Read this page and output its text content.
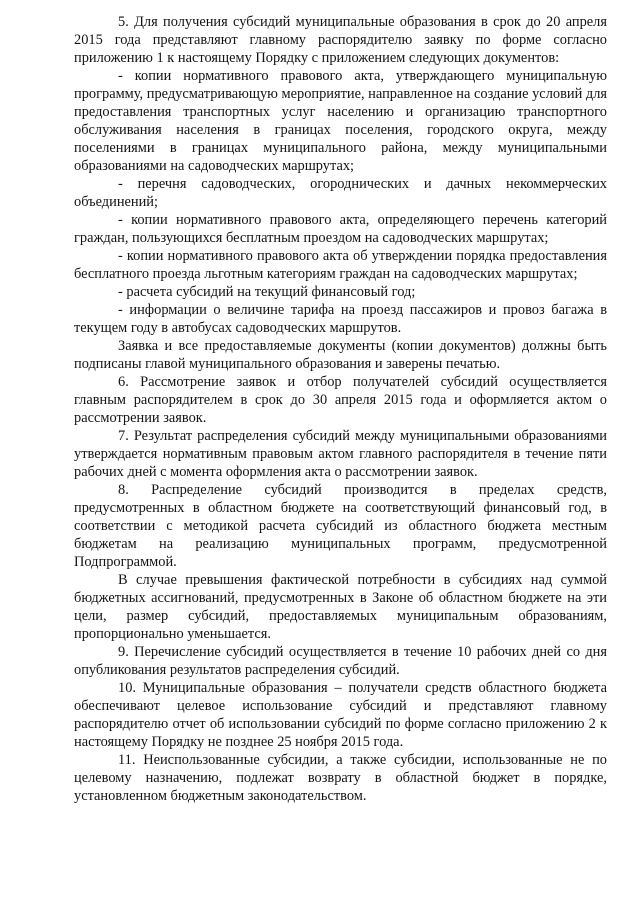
5. Для получения субсидий муниципальные образования в срок до 20 апреля 2015 года представляют главному распорядителю заявку по форме согласно приложению 1 к настоящему Порядку с приложением следующих документов:

- копии нормативного правового акта, утверждающего муниципальную программу, предусматривающую мероприятие, направленное на создание условий для предоставления транспортных услуг населению и организацию транспортного обслуживания населения в границах поселения, городского округа, между поселениями в границах муниципального района, между муниципальными образованиями на садоводческих маршрутах;

- перечня садоводческих, огороднических и дачных некоммерческих объединений;

- копии нормативного правового акта, определяющего перечень категорий граждан, пользующихся бесплатным проездом на садоводческих маршрутах;

- копии нормативного правового акта об утверждении порядка предоставления бесплатного проезда льготным категориям граждан на садоводческих маршрутах;

- расчета субсидий на текущий финансовый год;

- информации о величине тарифа на проезд пассажиров и провоз багажа в текущем году в автобусах садоводческих маршрутов.

Заявка и все предоставляемые документы (копии документов) должны быть подписаны главой муниципального образования и заверены печатью.

6. Рассмотрение заявок и отбор получателей субсидий осуществляется главным распорядителем в срок до 30 апреля 2015 года и оформляется актом о рассмотрении заявок.

7. Результат распределения субсидий между муниципальными образованиями утверждается нормативным правовым актом главного распорядителя в течение пяти рабочих дней с момента оформления акта о рассмотрении заявок.

8. Распределение субсидий производится в пределах средств, предусмотренных в областном бюджете на соответствующий финансовый год, в соответствии с методикой расчета субсидий из областного бюджета местным бюджетам на реализацию муниципальных программ, предусмотренной Подпрограммой.

В случае превышения фактической потребности в субсидиях над суммой бюджетных ассигнований, предусмотренных в Законе об областном бюджете на эти цели, размер субсидий, предоставляемых муниципальным образованиям, пропорционально уменьшается.

9. Перечисление субсидий осуществляется в течение 10 рабочих дней со дня опубликования результатов распределения субсидий.

10. Муниципальные образования – получатели средств областного бюджета обеспечивают целевое использование субсидий и представляют главному распорядителю отчет об использовании субсидий по форме согласно приложению 2 к настоящему Порядку не позднее 25 ноября 2015 года.

11. Неиспользованные субсидии, а также субсидии, использованные не по целевому назначению, подлежат возврату в областной бюджет в порядке, установленном бюджетным законодательством.
